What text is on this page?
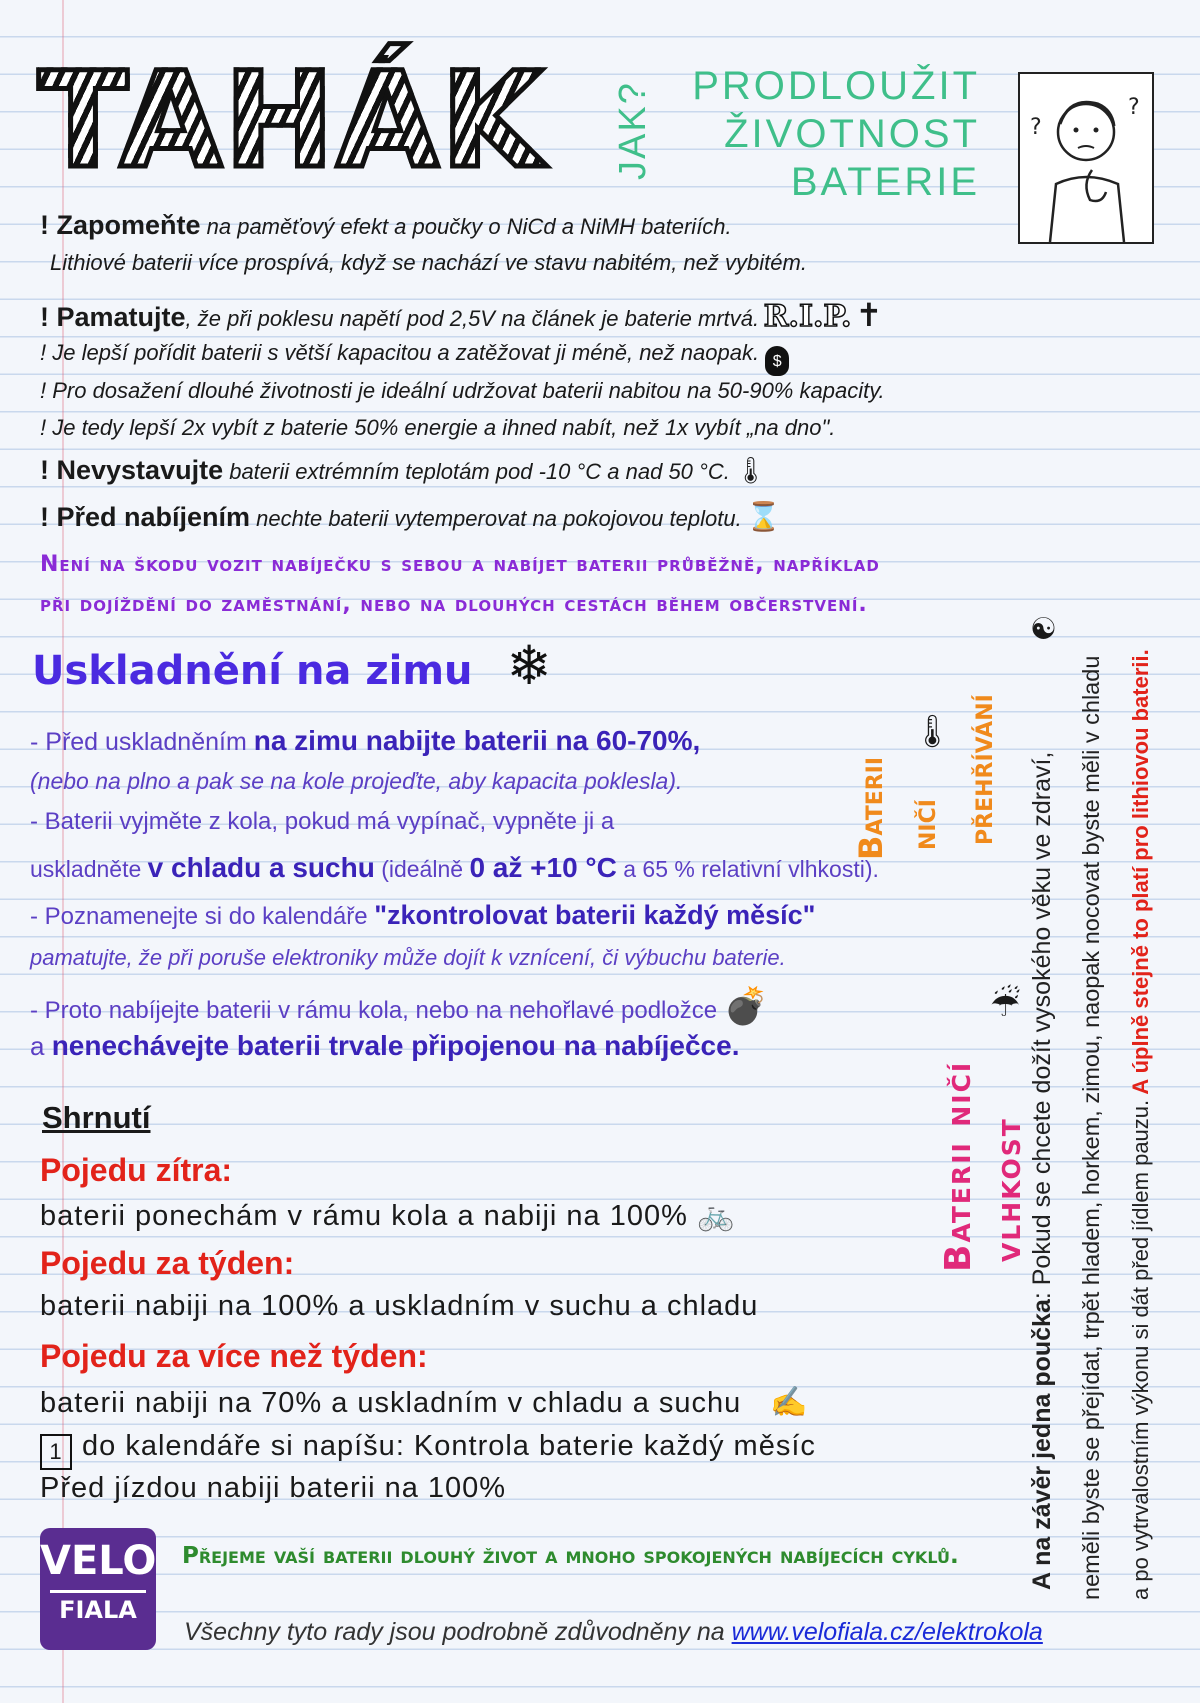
TAHÁK JAK? PRODLOUŽIT
ŽIVOTNOST
BATERIE
?
?
! Zapomeňte na paměťový efekt a poučky o NiCd a NiMH bateriích.
Lithiové baterii více prospívá, když se nachází ve stavu nabitém, než vybitém.
! Pamatujte, že při poklesu napětí pod 2,5V na článek je baterie mrtvá. R.I.P. ✝
! Je lepší pořídit baterii s větší kapacitou a zatěžovat ji méně, než naopak. $
! Pro dosažení dlouhé životnosti je ideální udržovat baterii nabitou na 50-90% kapacity.
! Je tedy lepší 2x vybít z baterie 50% energie a ihned nabít, než 1x vybít „na dno".
! Nevystavujte baterii extrémním teplotám pod -10 °C a nad 50 °C. 🌡
! Před nabíjením nechte baterii vytemperovat na pokojovou teplotu. ⌛
Není na škodu vozit nabíječku s sebou a nabíjet baterii průběžně, například
při dojíždění do zaměstnání, nebo na dlouhých cestách během občerstvení.
Uskladnění na zimu ❄
- Před uskladněním na zimu nabijte baterii na 60-70%,
(nebo na plno a pak se na kole projeďte, aby kapacita poklesla).
- Baterii vyjměte z kola, pokud má vypínač, vypněte ji a
uskladněte v chladu a suchu (ideálně 0 až +10 °C a 65 % relativní vlhkosti).
- Poznamenejte si do kalendáře "zkontrolovat baterii každý měsíc"
pamatujte, že při poruše elektroniky může dojít k vznícení, či výbuchu baterie.
- Proto nabíjejte baterii v rámu kola, nebo na nehořlavé podložce 💣
a nenechávejte baterii trvale připojenou na nabíječce.
Baterii ničí přehřívání
🌡
Baterii ničí vlhkost
☔
☯
A na závěr jedna poučka: Pokud se chcete dožít vysokého věku ve zdraví, neměli byste se přejídat, trpět hladem, horkem, zimou, naopak nocovat byste měli v chladu a po vytrvalostním výkonu si dát před jídlem pauzu. A úplně stejně to platí pro lithiovou baterii.
Shrnutí
Pojedu zítra:
baterii ponechám v rámu kola a nabiji na 100% 🚲
Pojedu za týden:
baterii nabiji na 100% a uskladním v suchu a chladu
Pojedu za více než týden:
baterii nabiji na 70% a uskladním v chladu a suchu ✍
1 do kalendáře si napíšu: Kontrola baterie každý měsíc
Před jízdou nabiji baterii na 100%
VELO
FIALA
Přejeme vaší baterii dlouhý život a mnoho spokojených nabíjecích cyklů.
Všechny tyto rady jsou podrobně zdůvodněny na www.velofiala.cz/elektrokola
